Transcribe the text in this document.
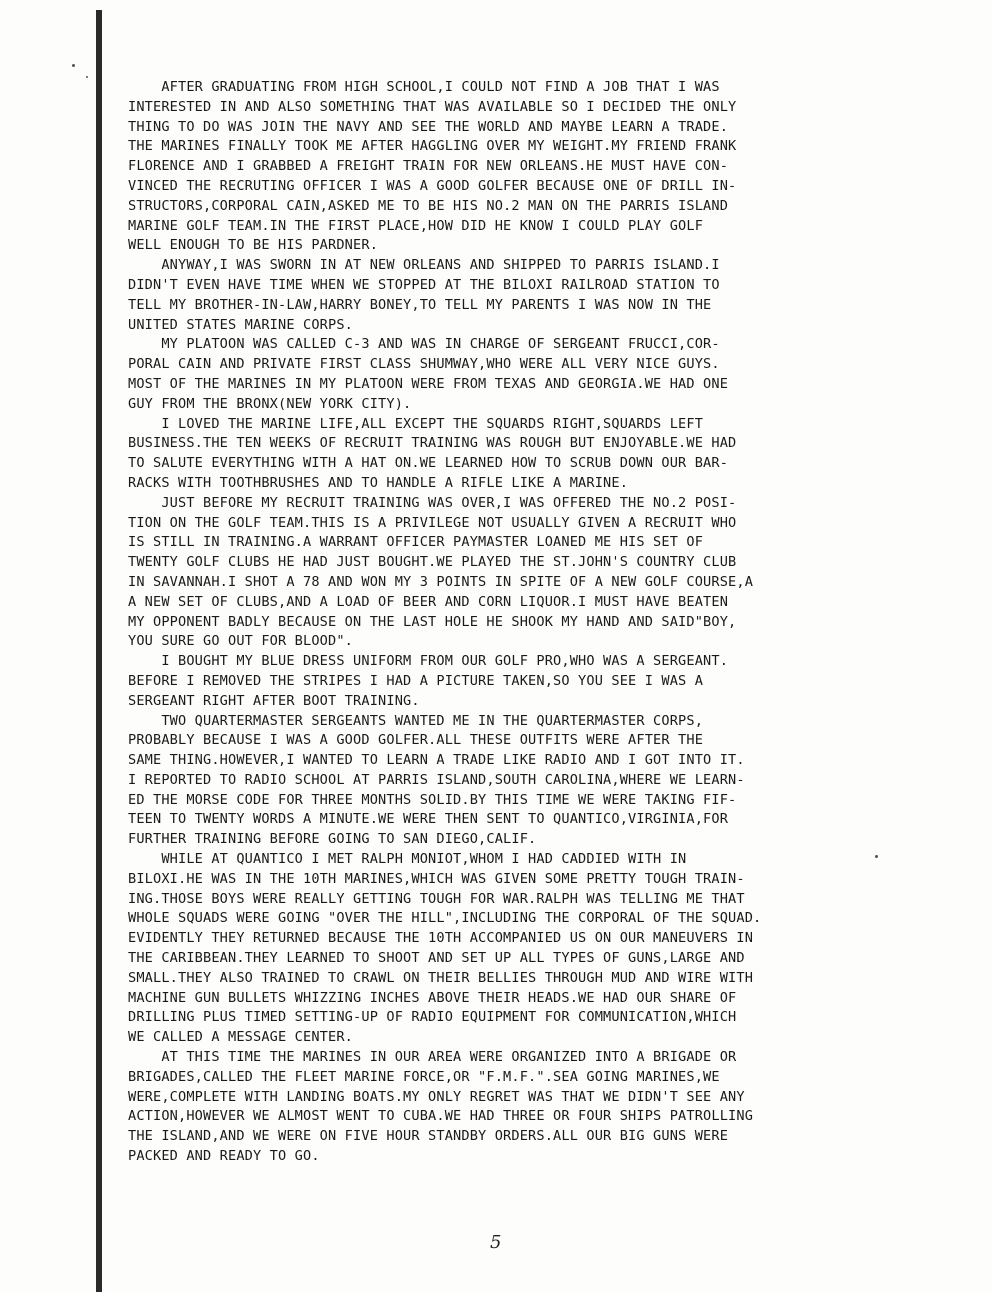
AFTER GRADUATING FROM HIGH SCHOOL,I COULD NOT FIND A JOB THAT I WAS
INTERESTED IN AND ALSO SOMETHING THAT WAS AVAILABLE SO I DECIDED THE ONLY
THING TO DO WAS JOIN THE NAVY AND SEE THE WORLD AND MAYBE LEARN A TRADE.
THE MARINES FINALLY TOOK ME AFTER HAGGLING OVER MY WEIGHT.MY FRIEND FRANK
FLORENCE AND I GRABBED A FREIGHT TRAIN FOR NEW ORLEANS.HE MUST HAVE CON-
VINCED THE RECRUTING OFFICER I WAS A GOOD GOLFER BECAUSE ONE OF DRILL IN-
STRUCTORS,CORPORAL CAIN,ASKED ME TO BE HIS NO.2 MAN ON THE PARRIS ISLAND
MARINE GOLF TEAM.IN THE FIRST PLACE,HOW DID HE KNOW I COULD PLAY GOLF
WELL ENOUGH TO BE HIS PARDNER.
ANYWAY,I WAS SWORN IN AT NEW ORLEANS AND SHIPPED TO PARRIS ISLAND.I
DIDN'T EVEN HAVE TIME WHEN WE STOPPED AT THE BILOXI RAILROAD STATION TO
TELL MY BROTHER-IN-LAW,HARRY BONEY,TO TELL MY PARENTS I WAS NOW IN THE
UNITED STATES MARINE CORPS.
MY PLATOON WAS CALLED C-3 AND WAS IN CHARGE OF SERGEANT FRUCCI,COR-
PORAL CAIN AND PRIVATE FIRST CLASS SHUMWAY,WHO WERE ALL VERY NICE GUYS.
MOST OF THE MARINES IN MY PLATOON WERE FROM TEXAS AND GEORGIA.WE HAD ONE
GUY FROM THE BRONX(NEW YORK CITY).
I LOVED THE MARINE LIFE,ALL EXCEPT THE SQUARDS RIGHT,SQUARDS LEFT
BUSINESS.THE TEN WEEKS OF RECRUIT TRAINING WAS ROUGH BUT ENJOYABLE.WE HAD
TO SALUTE EVERYTHING WITH A HAT ON.WE LEARNED HOW TO SCRUB DOWN OUR BAR-
RACKS WITH TOOTHBRUSHES AND TO HANDLE A RIFLE LIKE A MARINE.
JUST BEFORE MY RECRUIT TRAINING WAS OVER,I WAS OFFERED THE NO.2 POSI-
TION ON THE GOLF TEAM.THIS IS A PRIVILEGE NOT USUALLY GIVEN A RECRUIT WHO
IS STILL IN TRAINING.A WARRANT OFFICER PAYMASTER LOANED ME HIS SET OF
TWENTY GOLF CLUBS HE HAD JUST BOUGHT.WE PLAYED THE ST.JOHN'S COUNTRY CLUB
IN SAVANNAH.I SHOT A 78 AND WON MY 3 POINTS IN SPITE OF A NEW GOLF COURSE,A
A NEW SET OF CLUBS,AND A LOAD OF BEER AND CORN LIQUOR.I MUST HAVE BEATEN
MY OPPONENT BADLY BECAUSE ON THE LAST HOLE HE SHOOK MY HAND AND SAID"BOY,
YOU SURE GO OUT FOR BLOOD".
I BOUGHT MY BLUE DRESS UNIFORM FROM OUR GOLF PRO,WHO WAS A SERGEANT.
BEFORE I REMOVED THE STRIPES I HAD A PICTURE TAKEN,SO YOU SEE I WAS A
SERGEANT RIGHT AFTER BOOT TRAINING.
TWO QUARTERMASTER SERGEANTS WANTED ME IN THE QUARTERMASTER CORPS,
PROBABLY BECAUSE I WAS A GOOD GOLFER.ALL THESE OUTFITS WERE AFTER THE
SAME THING.HOWEVER,I WANTED TO LEARN A TRADE LIKE RADIO AND I GOT INTO IT.
I REPORTED TO RADIO SCHOOL AT PARRIS ISLAND,SOUTH CAROLINA,WHERE WE LEARN-
ED THE MORSE CODE FOR THREE MONTHS SOLID.BY THIS TIME WE WERE TAKING FIF-
TEEN TO TWENTY WORDS A MINUTE.WE WERE THEN SENT TO QUANTICO,VIRGINIA,FOR
FURTHER TRAINING BEFORE GOING TO SAN DIEGO,CALIF.
WHILE AT QUANTICO I MET RALPH MONIOT,WHOM I HAD CADDIED WITH IN
BILOXI.HE WAS IN THE 10TH MARINES,WHICH WAS GIVEN SOME PRETTY TOUGH TRAIN-
ING.THOSE BOYS WERE REALLY GETTING TOUGH FOR WAR.RALPH WAS TELLING ME THAT
WHOLE SQUADS WERE GOING "OVER THE HILL",INCLUDING THE CORPORAL OF THE SQUAD.
EVIDENTLY THEY RETURNED BECAUSE THE 10TH ACCOMPANIED US ON OUR MANEUVERS IN
THE CARIBBEAN.THEY LEARNED TO SHOOT AND SET UP ALL TYPES OF GUNS,LARGE AND
SMALL.THEY ALSO TRAINED TO CRAWL ON THEIR BELLIES THROUGH MUD AND WIRE WITH
MACHINE GUN BULLETS WHIZZING INCHES ABOVE THEIR HEADS.WE HAD OUR SHARE OF
DRILLING PLUS TIMED SETTING-UP OF RADIO EQUIPMENT FOR COMMUNICATION,WHICH
WE CALLED A MESSAGE CENTER.
AT THIS TIME THE MARINES IN OUR AREA WERE ORGANIZED INTO A BRIGADE OR
BRIGADES,CALLED THE FLEET MARINE FORCE,OR "F.M.F.".SEA GOING MARINES,WE
WERE,COMPLETE WITH LANDING BOATS.MY ONLY REGRET WAS THAT WE DIDN'T SEE ANY
ACTION,HOWEVER WE ALMOST WENT TO CUBA.WE HAD THREE OR FOUR SHIPS PATROLLING
THE ISLAND,AND WE WERE ON FIVE HOUR STANDBY ORDERS.ALL OUR BIG GUNS WERE
PACKED AND READY TO GO.
5
